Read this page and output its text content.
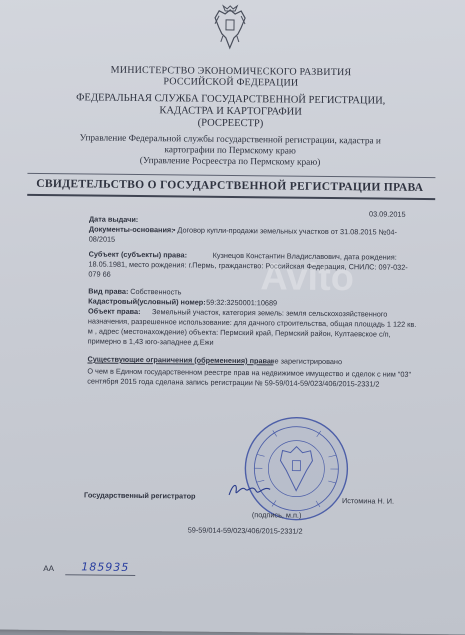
МИНИСТЕРСТВО ЭКОНОМИЧЕСКОГО РАЗВИТИЯ
РОССИЙСКОЙ ФЕДЕРАЦИИ
ФЕДЕРАЛЬНАЯ СЛУЖБА ГОСУДАРСТВЕННОЙ РЕГИСТРАЦИИ,
КАДАСТРА И КАРТОГРАФИИ
(РОСРЕЕСТР)
Управление Федеральной службы государственной регистрации, кадастра и
картографии по Пермскому краю
(Управление Росреестра по Пермскому краю)
СВИДЕТЕЛЬСТВО О ГОСУДАРСТВЕННОЙ РЕГИСТРАЦИИ ПРАВА
Дата выдачи:
03.09.2015
Документы-основания: • Договор купли-продажи земельных участков от 31.08.2015 №04-
08/2015
Субъект (субъекты) права:	Кузнецов Константин Владиславович, дата рождения:
18.05.1981, место рождения: г.Пермь, гражданство: Российская Федерация, СНИЛС: 097-032-
079 66
Вид права: Собственность
Кадастровый(условный) номер: 59:32:3250001:10689
Объект права: Земельный участок, категория земель: земля сельскохозяйственного
назначения, разрешенное использование: для дачного строительства, общая площадь 1 122 кв.
м , адрес (местонахождение) объекта: Пермский край, Пермский район, Култаевское с/п,
примерно в 1,43 юго-западнее д.Ежи
Существующие ограничения (обременения) права:
не зарегистрировано
О чем в Едином государственном реестре прав на недвижимое имущество и сделок с ним "03"
сентября 2015 года сделана запись регистрации № 59-59/014-59/023/406/2015-2331/2
Государственный регистратор
Истомина Н. И.
(подпись, м.п.)
59-59/014-59/023/406/2015-2331/2
АА 185935
Avito
